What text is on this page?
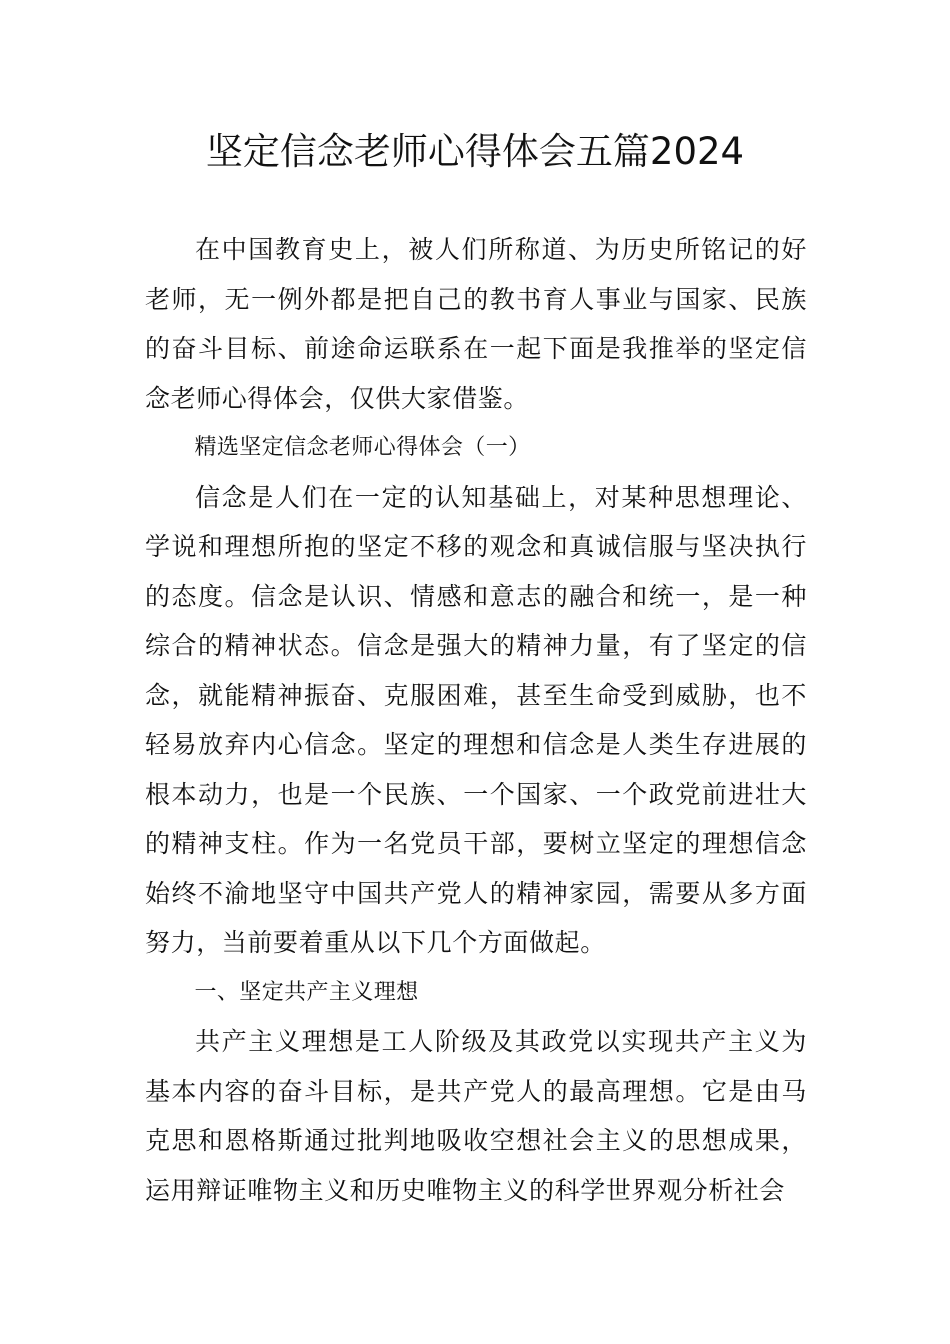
坚定信念老师心得体会五篇2024

在中国教育史上，被人们所称道、为历史所铭记的好老师，无一例外都是把自己的教书育人事业与国家、民族的奋斗目标、前途命运联系在一起下面是我推举的坚定信念老师心得体会，仅供大家借鉴。

精选坚定信念老师心得体会（一）

信念是人们在一定的认知基础上，对某种思想理论、学说和理想所抱的坚定不移的观念和真诚信服与坚决执行的态度。信念是认识、情感和意志的融合和统一，是一种综合的精神状态。信念是强大的精神力量，有了坚定的信念，就能精神振奋、克服困难，甚至生命受到威胁，也不轻易放弃内心信念。坚定的理想和信念是人类生存进展的根本动力，也是一个民族、一个国家、一个政党前进壮大的精神支柱。作为一名党员干部，要树立坚定的理想信念始终不渝地坚守中国共产党人的精神家园，需要从多方面努力，当前要着重从以下几个方面做起。

一、坚定共产主义理想

共产主义理想是工人阶级及其政党以实现共产主义为基本内容的奋斗目标，是共产党人的最高理想。它是由马克思和恩格斯通过批判地吸收空想社会主义的思想成果，运用辩证唯物主义和历史唯物主义的科学世界观分析社会
